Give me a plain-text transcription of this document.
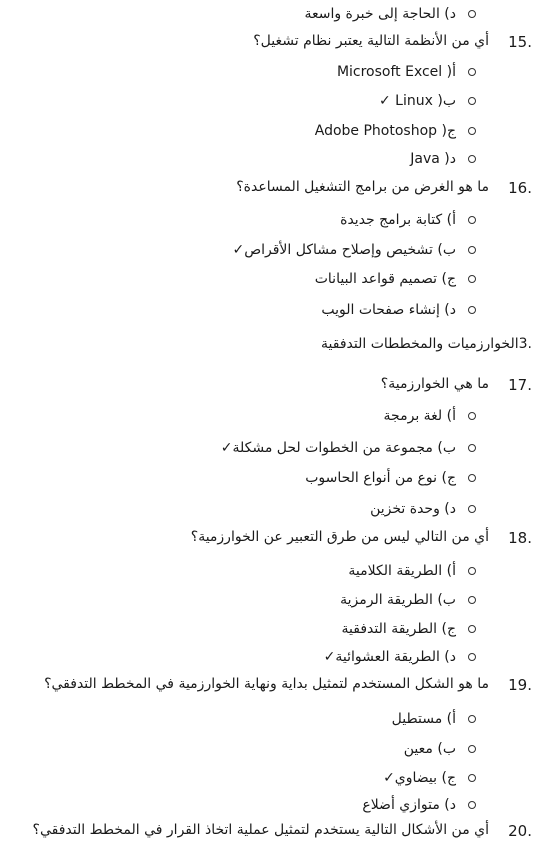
د) الحاجة إلى خبرة واسعة
15.
أي من الأنظمة التالية يعتبر نظام تشغيل؟
أ( Microsoft Excel
ب( Linux ✓
ج( Adobe Photoshop
د( Java
16.
ما هو الغرض من برامج التشغيل المساعدة؟
أ) كتابة برامج جديدة
ب) تشخيص وإصلاح مشاكل الأقراص✓
ج) تصميم قواعد البيانات
د) إنشاء صفحات الويب
.3الخوارزميات والمخططات التدفقية
17.
ما هي الخوارزمية؟
أ) لغة برمجة
ب) مجموعة من الخطوات لحل مشكلة✓
ج) نوع من أنواع الحاسوب
د) وحدة تخزين
18.
أي من التالي ليس من طرق التعبير عن الخوارزمية؟
أ) الطريقة الكلامية
ب) الطريقة الرمزية
ج) الطريقة التدفقية
د) الطريقة العشوائية✓
19.
ما هو الشكل المستخدم لتمثيل بداية ونهاية الخوارزمية في المخطط التدفقي؟
أ) مستطيل
ب) معين
ج) بيضاوي✓
د) متوازي أضلاع
20.
أي من الأشكال التالية يستخدم لتمثيل عملية اتخاذ القرار في المخطط التدفقي؟
